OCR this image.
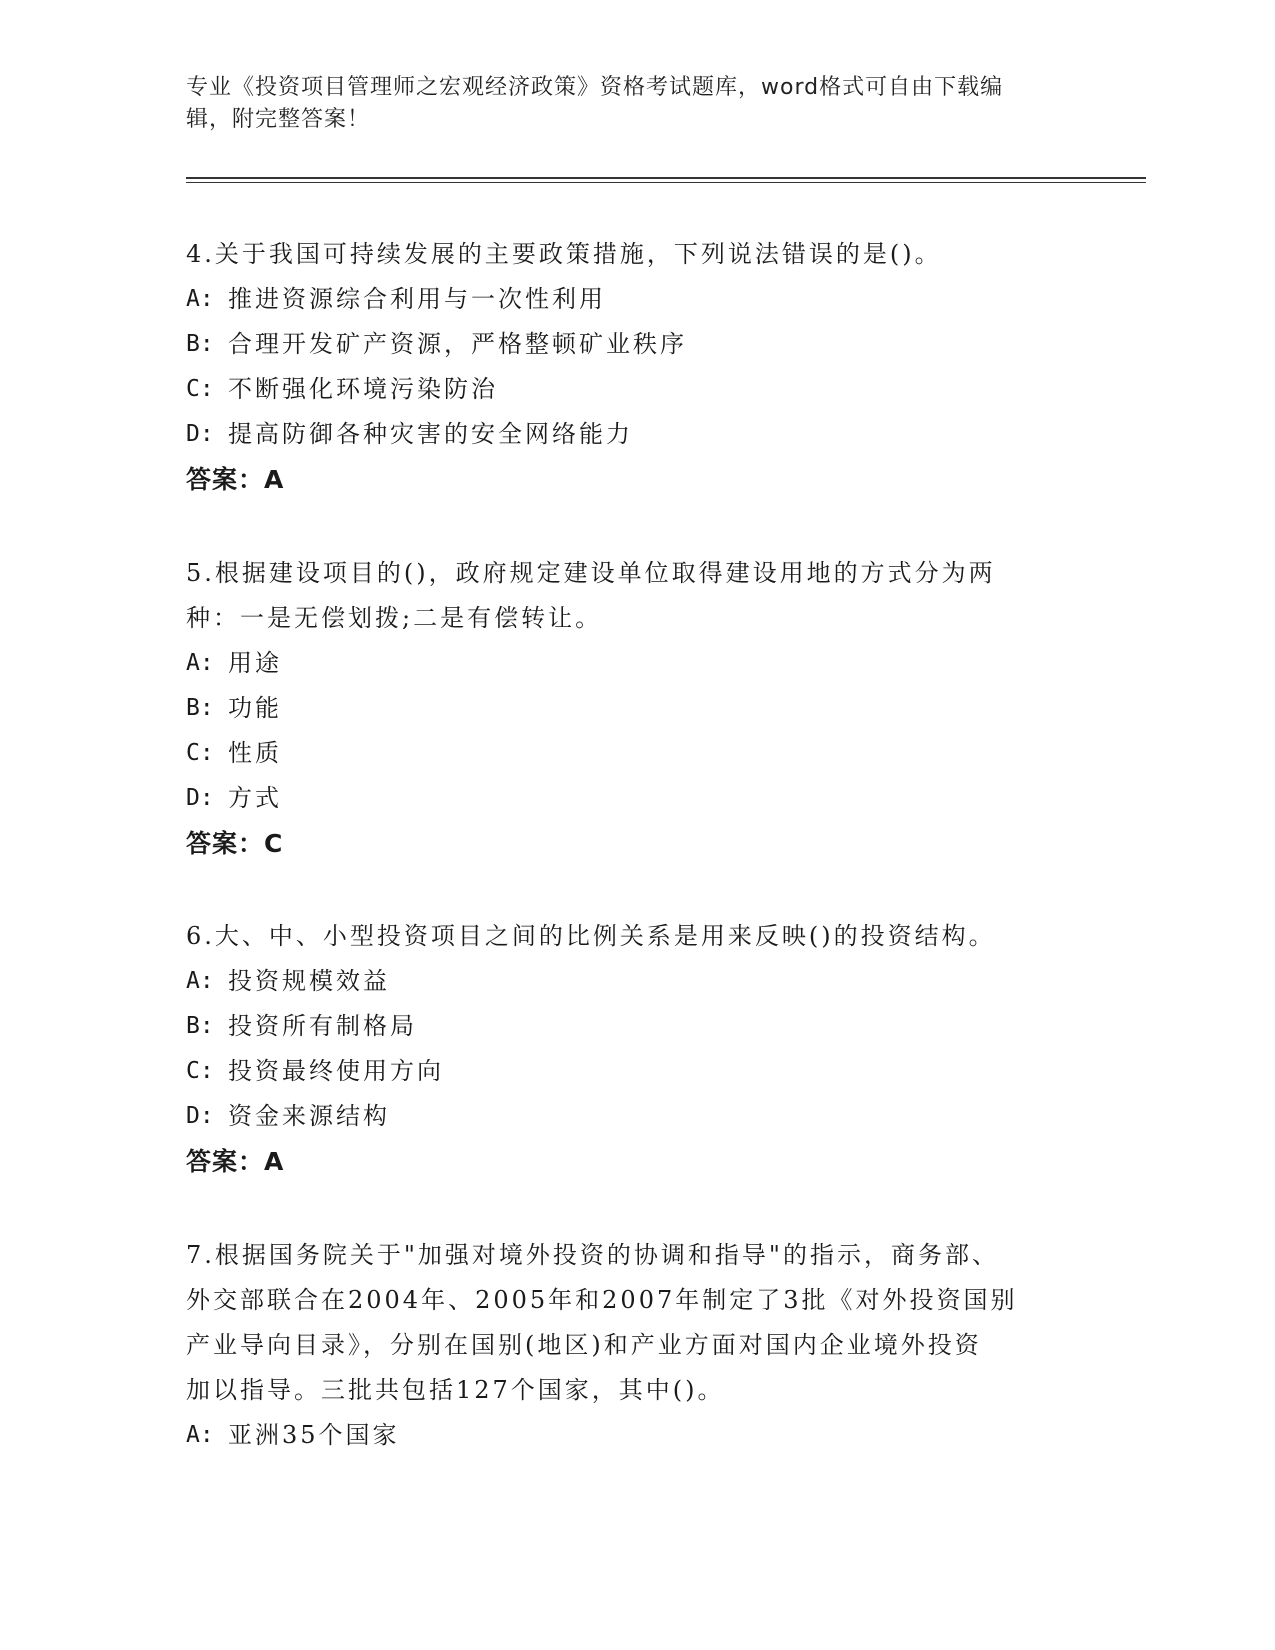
专业《投资项目管理师之宏观经济政策》资格考试题库，word格式可自由下载编
辑，附完整答案！
4.关于我国可持续发展的主要政策措施，下列说法错误的是()。
A: 推进资源综合利用与一次性利用
B: 合理开发矿产资源，严格整顿矿业秩序
C: 不断强化环境污染防治
D: 提高防御各种灾害的安全网络能力
答案：A
5.根据建设项目的()，政府规定建设单位取得建设用地的方式分为两
种：一是无偿划拨;二是有偿转让。
A: 用途
B: 功能
C: 性质
D: 方式
答案：C
6.大、中、小型投资项目之间的比例关系是用来反映()的投资结构。
A: 投资规模效益
B: 投资所有制格局
C: 投资最终使用方向
D: 资金来源结构
答案：A
7.根据国务院关于"加强对境外投资的协调和指导"的指示，商务部、
外交部联合在2004年、2005年和2007年制定了3批《对外投资国别
产业导向目录》，分别在国别(地区)和产业方面对国内企业境外投资
加以指导。三批共包括127个国家，其中()。
A: 亚洲35个国家
